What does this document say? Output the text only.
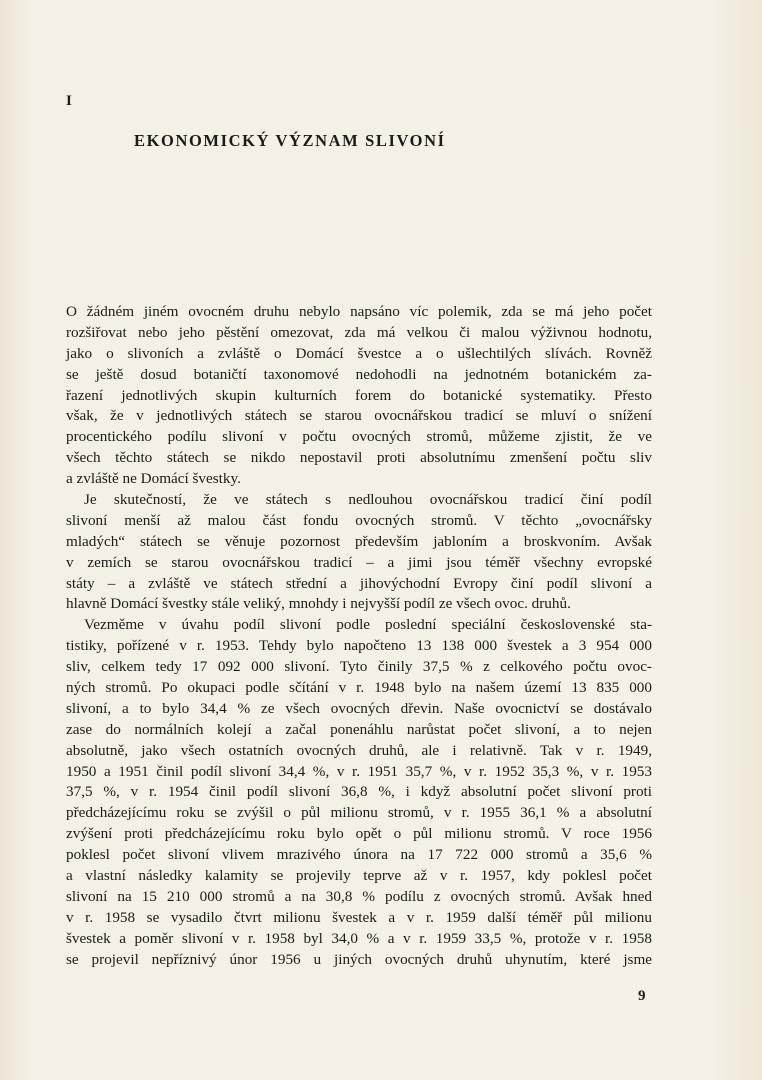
I
EKONOMICKÝ VÝZNAM SLIVONÍ
O žádném jiném ovocném druhu nebylo napsáno víc polemik, zda se má jeho počet
rozšiřovat nebo jeho pěstění omezovat, zda má velkou či malou výživnou hodnotu,
jako o slivoních a zvláště o Domácí švestce a o ušlechtilých slívách. Rovněž
se ještě dosud botaničtí taxonomové nedohodli na jednotném botanickém za-
řazení jednotlivých skupin kulturních forem do botanické systematiky. Přesto
však, že v jednotlivých státech se starou ovocnářskou tradicí se mluví o snížení
procentického podílu slivoní v počtu ovocných stromů, můžeme zjistit, že ve
všech těchto státech se nikdo nepostavil proti absolutnímu zmenšení počtu sliv
a zvláště ne Domácí švestky.
Je skutečností, že ve státech s nedlouhou ovocnářskou tradicí činí podíl
slivoní menší až malou část fondu ovocných stromů. V těchto „ovocnářsky
mladých“ státech se věnuje pozornost především jabloním a broskvoním. Avšak
v zemích se starou ovocnářskou tradicí – a jimi jsou téměř všechny evropské
státy – a zvláště ve státech střední a jihovýchodní Evropy činí podíl slivoní a
hlavně Domácí švestky stále veliký, mnohdy i nejvyšší podíl ze všech ovoc. druhů.
Vezměme v úvahu podíl slivoní podle poslední speciální československé sta-
tistiky, pořízené v r. 1953. Tehdy bylo napočteno 13 138 000 švestek a 3 954 000
sliv, celkem tedy 17 092 000 slivoní. Tyto činily 37,5 % z celkového počtu ovoc-
ných stromů. Po okupaci podle sčítání v r. 1948 bylo na našem území 13 835 000
slivoní, a to bylo 34,4 % ze všech ovocných dřevin. Naše ovocnictví se dostávalo
zase do normálních kolejí a začal ponenáhlu narůstat počet slivoní, a to nejen
absolutně, jako všech ostatních ovocných druhů, ale i relativně. Tak v r. 1949,
1950 a 1951 činil podíl slivoní 34,4 %, v r. 1951 35,7 %, v r. 1952 35,3 %, v r. 1953
37,5 %, v r. 1954 činil podíl slivoní 36,8 %, i když absolutní počet slivoní proti
předcházejícímu roku se zvýšil o půl milionu stromů, v r. 1955 36,1 % a absolutní
zvýšení proti předcházejícímu roku bylo opět o půl milionu stromů. V roce 1956
poklesl počet slivoní vlivem mrazivého února na 17 722 000 stromů a 35,6 %
a vlastní následky kalamity se projevily teprve až v r. 1957, kdy poklesl počet
slivoní na 15 210 000 stromů a na 30,8 % podílu z ovocných stromů. Avšak hned
v r. 1958 se vysadilo čtvrt milionu švestek a v r. 1959 další téměř půl milionu
švestek a poměr slivoní v r. 1958 byl 34,0 % a v r. 1959 33,5 %, protože v r. 1958
se projevil nepříznivý únor 1956 u jiných ovocných druhů uhynutím, které jsme
9
